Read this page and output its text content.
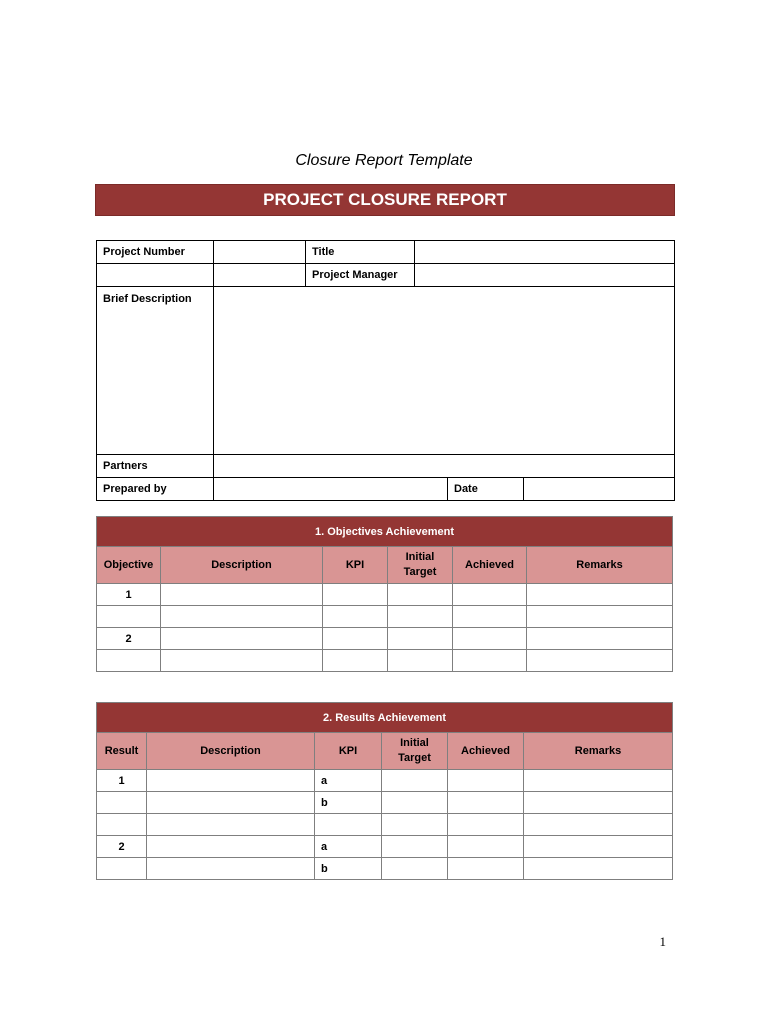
Closure Report Template
PROJECT CLOSURE REPORT
Project Number		Title			
		Project Manager			
Brief Description					
Partners					
Prepared by				Date	
1. Objectives Achievement					
Objective	Description	KPI	Initial Target	Achieved	Remarks
1					

2					

2. Results Achievement					
Result	Description	KPI	Initial Target	Achieved	Remarks
1		a			
		b			

2		a			
		b			
1
